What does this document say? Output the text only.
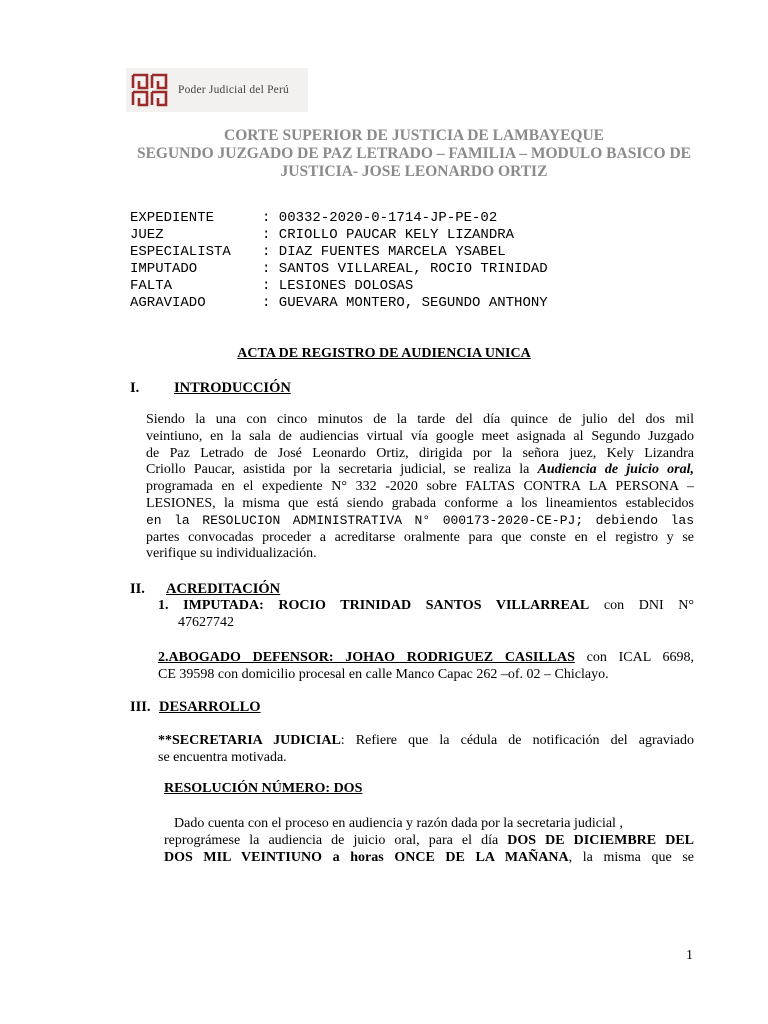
Poder Judicial del Perú
CORTE SUPERIOR DE JUSTICIA DE LAMBAYEQUE
SEGUNDO JUZGADO DE PAZ LETRADO – FAMILIA – MODULO BASICO DE
JUSTICIA- JOSE LEONARDO ORTIZ
EXPEDIENTE	: 00332-2020-0-1714-JP-PE-02
JUEZ	: CRIOLLO PAUCAR KELY LIZANDRA
ESPECIALISTA	: DIAZ FUENTES MARCELA YSABEL
IMPUTADO	: SANTOS VILLAREAL, ROCIO TRINIDAD
FALTA	: LESIONES DOLOSAS
AGRAVIADO	: GUEVARA MONTERO, SEGUNDO ANTHONY
ACTA DE REGISTRO DE AUDIENCIA UNICA
I. INTRODUCCIÓN
Siendo la una con cinco minutos de la tarde del día quince de julio del dos mil
veintiuno, en la sala de audiencias virtual vía google meet asignada al Segundo Juzgado
de Paz Letrado de José Leonardo Ortiz, dirigida por la señora juez, Kely Lizandra
Criollo Paucar, asistida por la secretaria judicial, se realiza la Audiencia de juicio oral,
programada en el expediente N° 332 -2020 sobre FALTAS CONTRA LA PERSONA –
LESIONES, la misma que está siendo grabada conforme a los lineamientos establecidos
en la RESOLUCION ADMINISTRATIVA N° 000173-2020-CE-PJ; debiendo las
partes convocadas proceder a acreditarse oralmente para que conste en el registro y se
verifique su individualización.
II. ACREDITACIÓN
1. IMPUTADA: ROCIO TRINIDAD SANTOS VILLARREAL con DNI N°
47627742
2.ABOGADO DEFENSOR: JOHAO RODRIGUEZ CASILLAS con ICAL 6698,
CE 39598 con domicilio procesal en calle Manco Capac 262 –of. 02 – Chiclayo.
III. DESARROLLO
**SECRETARIA JUDICIAL: Refiere que la cédula de notificación del agraviado
se encuentra motivada.
RESOLUCIÓN NÚMERO: DOS
Dado cuenta con el proceso en audiencia y razón dada por la secretaria judicial ,
reprográmese la audiencia de juicio oral, para el día DOS DE DICIEMBRE DEL
DOS MIL VEINTIUNO a horas ONCE DE LA MAÑANA, la misma que se
1
